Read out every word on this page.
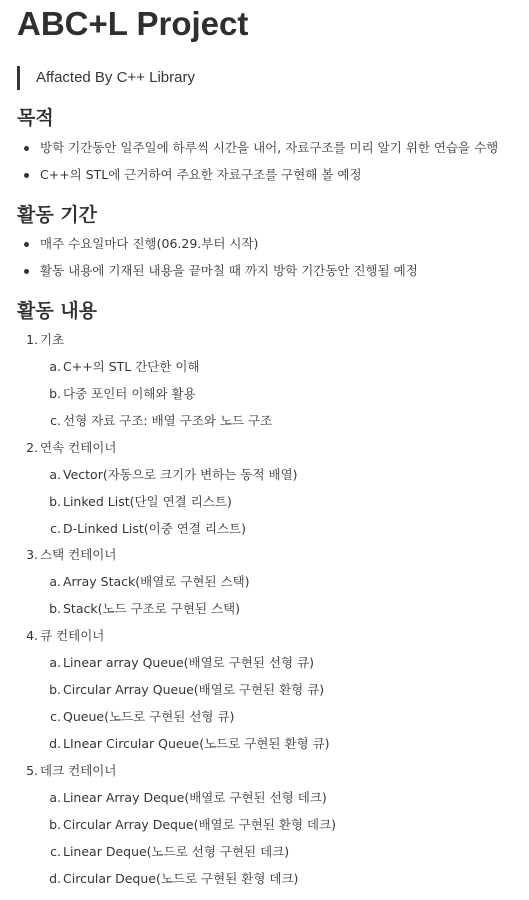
ABC+L Project
Affacted By C++ Library
목적
방학 기간동안 일주일에 하루씩 시간을 내어, 자료구조를 미리 알기 위한 연습을 수행
C++의 STL에 근거하여 주요한 자료구조를 구현해 볼 예정
활동 기간
매주 수요일마다 진행(06.29.부터 시작)
활동 내용에 기재된 내용을 끝마칠 때 까지 방학 기간동안 진행될 예정
활동 내용
1. 기초
a. C++의 STL 간단한 이해
b. 다중 포인터 이해와 활용
c. 선형 자료 구조: 배열 구조와 노드 구조
2. 연속 컨테이너
a. Vector(자동으로 크기가 변하는 동적 배열)
b. Linked List(단일 연결 리스트)
c. D-Linked List(이중 연결 리스트)
3. 스택 컨테이너
a. Array Stack(배열로 구현된 스택)
b. Stack(노드 구조로 구현된 스택)
4. 큐 컨테이너
a. Linear array Queue(배열로 구현된 선형 큐)
b. Circular Array Queue(배열로 구현된 환형 큐)
c. Queue(노드로 구현된 선형 큐)
d. LInear Circular Queue(노드로 구현된 환형 큐)
5. 데크 컨테이너
a. Linear Array Deque(배열로 구현된 선형 데크)
b. Circular Array Deque(배열로 구현된 환형 데크)
c. Linear Deque(노드로 선형 구현된 데크)
d. Circular Deque(노드로 구현된 환형 데크)
